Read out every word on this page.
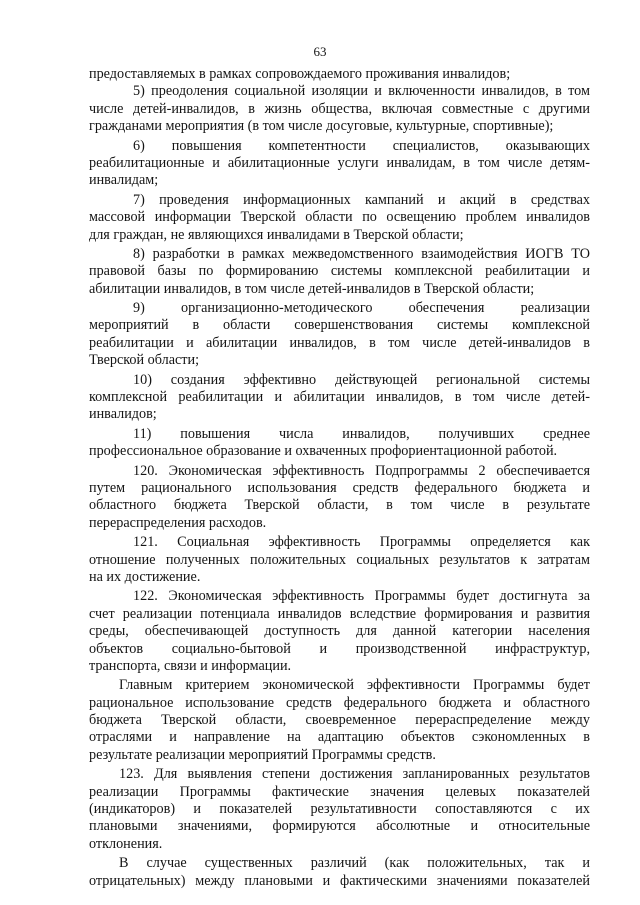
63
предоставляемых в рамках сопровождаемого проживания инвалидов;
5) преодоления социальной изоляции и включенности инвалидов, в том
числе детей-инвалидов, в жизнь общества, включая совместные с другими
гражданами мероприятия (в том числе досуговые, культурные, спортивные);
6) повышения компетентности специалистов, оказывающих
реабилитационные и абилитационные услуги инвалидам, в том числе детям-
инвалидам;
7) проведения информационных кампаний и акций в средствах
массовой информации Тверской области по освещению проблем инвалидов
для граждан, не являющихся инвалидами в Тверской области;
8) разработки в рамках межведомственного взаимодействия ИОГВ ТО
правовой базы по формированию системы комплексной реабилитации и
абилитации инвалидов, в том числе детей-инвалидов в Тверской области;
9) организационно-методического обеспечения реализации
мероприятий в области совершенствования системы комплексной
реабилитации и абилитации инвалидов, в том числе детей-инвалидов в
Тверской области;
10) создания эффективно действующей региональной системы
комплексной реабилитации и абилитации инвалидов, в том числе детей-
инвалидов;
11) повышения числа инвалидов, получивших среднее
профессиональное образование и охваченных профориентационной работой.
120. Экономическая эффективность Подпрограммы 2 обеспечивается
путем рационального использования средств федерального бюджета и
областного бюджета Тверской области, в том числе в результате
перераспределения расходов.
121. Социальная эффективность Программы определяется как
отношение полученных положительных социальных результатов к затратам
на их достижение.
122. Экономическая эффективность Программы будет достигнута за
счет реализации потенциала инвалидов вследствие формирования и развития
среды, обеспечивающей доступность для данной категории населения
объектов социально-бытовой и производственной инфраструктур,
транспорта, связи и информации.
Главным критерием экономической эффективности Программы будет
рациональное использование средств федерального бюджета и областного
бюджета Тверской области, своевременное перераспределение между
отраслями и направление на адаптацию объектов сэкономленных в
результате реализации мероприятий Программы средств.
123. Для выявления степени достижения запланированных результатов
реализации Программы фактические значения целевых показателей
(индикаторов) и показателей результативности сопоставляются с их
плановыми значениями, формируются абсолютные и относительные
отклонения.
В случае существенных различий (как положительных, так и
отрицательных) между плановыми и фактическими значениями показателей
